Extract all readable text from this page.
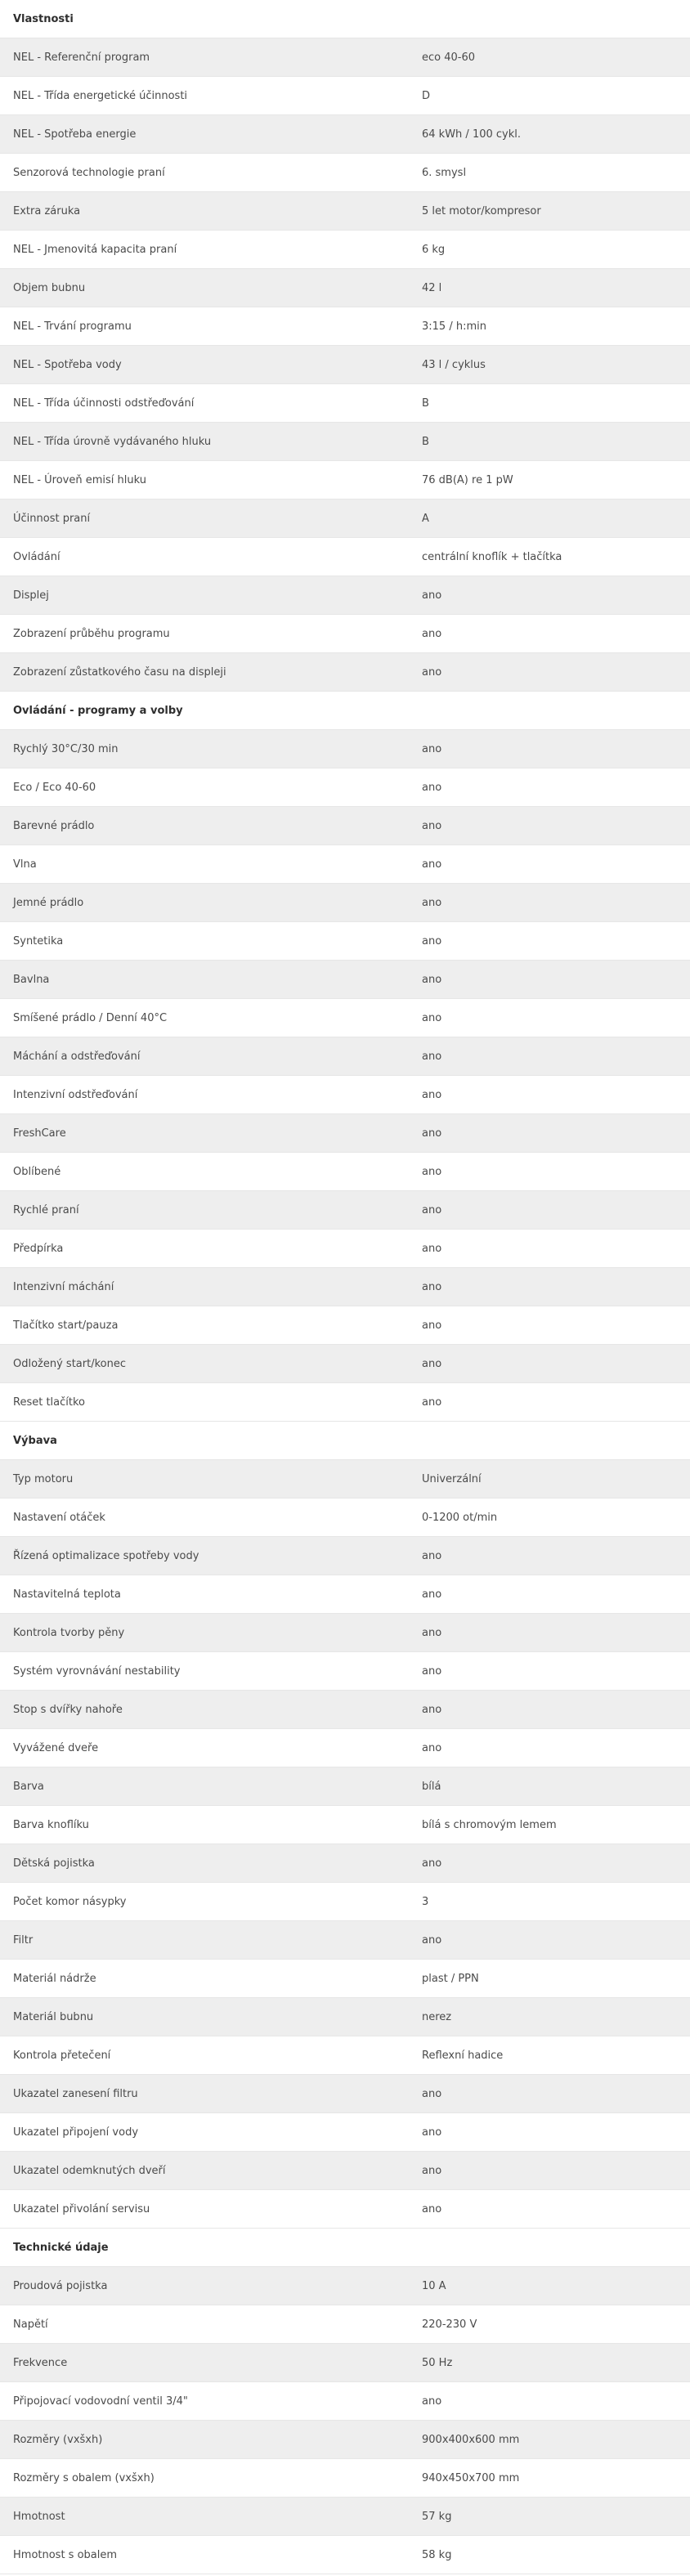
Vlastnosti	
NEL - Referenční program	eco 40-60
NEL - Třída energetické účinnosti	D
NEL - Spotřeba energie	64 kWh / 100 cykl.
Senzorová technologie praní	6. smysl
Extra záruka	5 let motor/kompresor
NEL - Jmenovitá kapacita praní	6 kg
Objem bubnu	42 l
NEL - Trvání programu	3:15 / h:min
NEL - Spotřeba vody	43 l / cyklus
NEL - Třída účinnosti odstřeďování	B
NEL - Třída úrovně vydávaného hluku	B
NEL - Úroveň emisí hluku	76 dB(A) re 1 pW
Účinnost praní	A
Ovládání	centrální knoflík + tlačítka
Displej	ano
Zobrazení průběhu programu	ano
Zobrazení zůstatkového času na displeji	ano
Ovládání - programy a volby	
Rychlý 30°C/30 min	ano
Eco / Eco 40-60	ano
Barevné prádlo	ano
Vlna	ano
Jemné prádlo	ano
Syntetika	ano
Bavlna	ano
Smíšené prádlo / Denní 40°C	ano
Máchání a odstřeďování	ano
Intenzivní odstřeďování	ano
FreshCare	ano
Oblíbené	ano
Rychlé praní	ano
Předpírka	ano
Intenzivní máchání	ano
Tlačítko start/pauza	ano
Odložený start/konec	ano
Reset tlačítko	ano
Výbava	
Typ motoru	Univerzální
Nastavení otáček	0-1200 ot/min
Řízená optimalizace spotřeby vody	ano
Nastavitelná teplota	ano
Kontrola tvorby pěny	ano
Systém vyrovnávání nestability	ano
Stop s dvířky nahoře	ano
Vyvážené dveře	ano
Barva	bílá
Barva knoflíku	bílá s chromovým lemem
Dětská pojistka	ano
Počet komor násypky	3
Filtr	ano
Materiál nádrže	plast / PPN
Materiál bubnu	nerez
Kontrola přetečení	Reflexní hadice
Ukazatel zanesení filtru	ano
Ukazatel připojení vody	ano
Ukazatel odemknutých dveří	ano
Ukazatel přivolání servisu	ano
Technické údaje	
Proudová pojistka	10 A
Napětí	220-230 V
Frekvence	50 Hz
Připojovací vodovodní ventil 3/4"	ano
Rozměry (vxšxh)	900x400x600 mm
Rozměry s obalem (vxšxh)	940x450x700 mm
Hmotnost	57 kg
Hmotnost s obalem	58 kg
